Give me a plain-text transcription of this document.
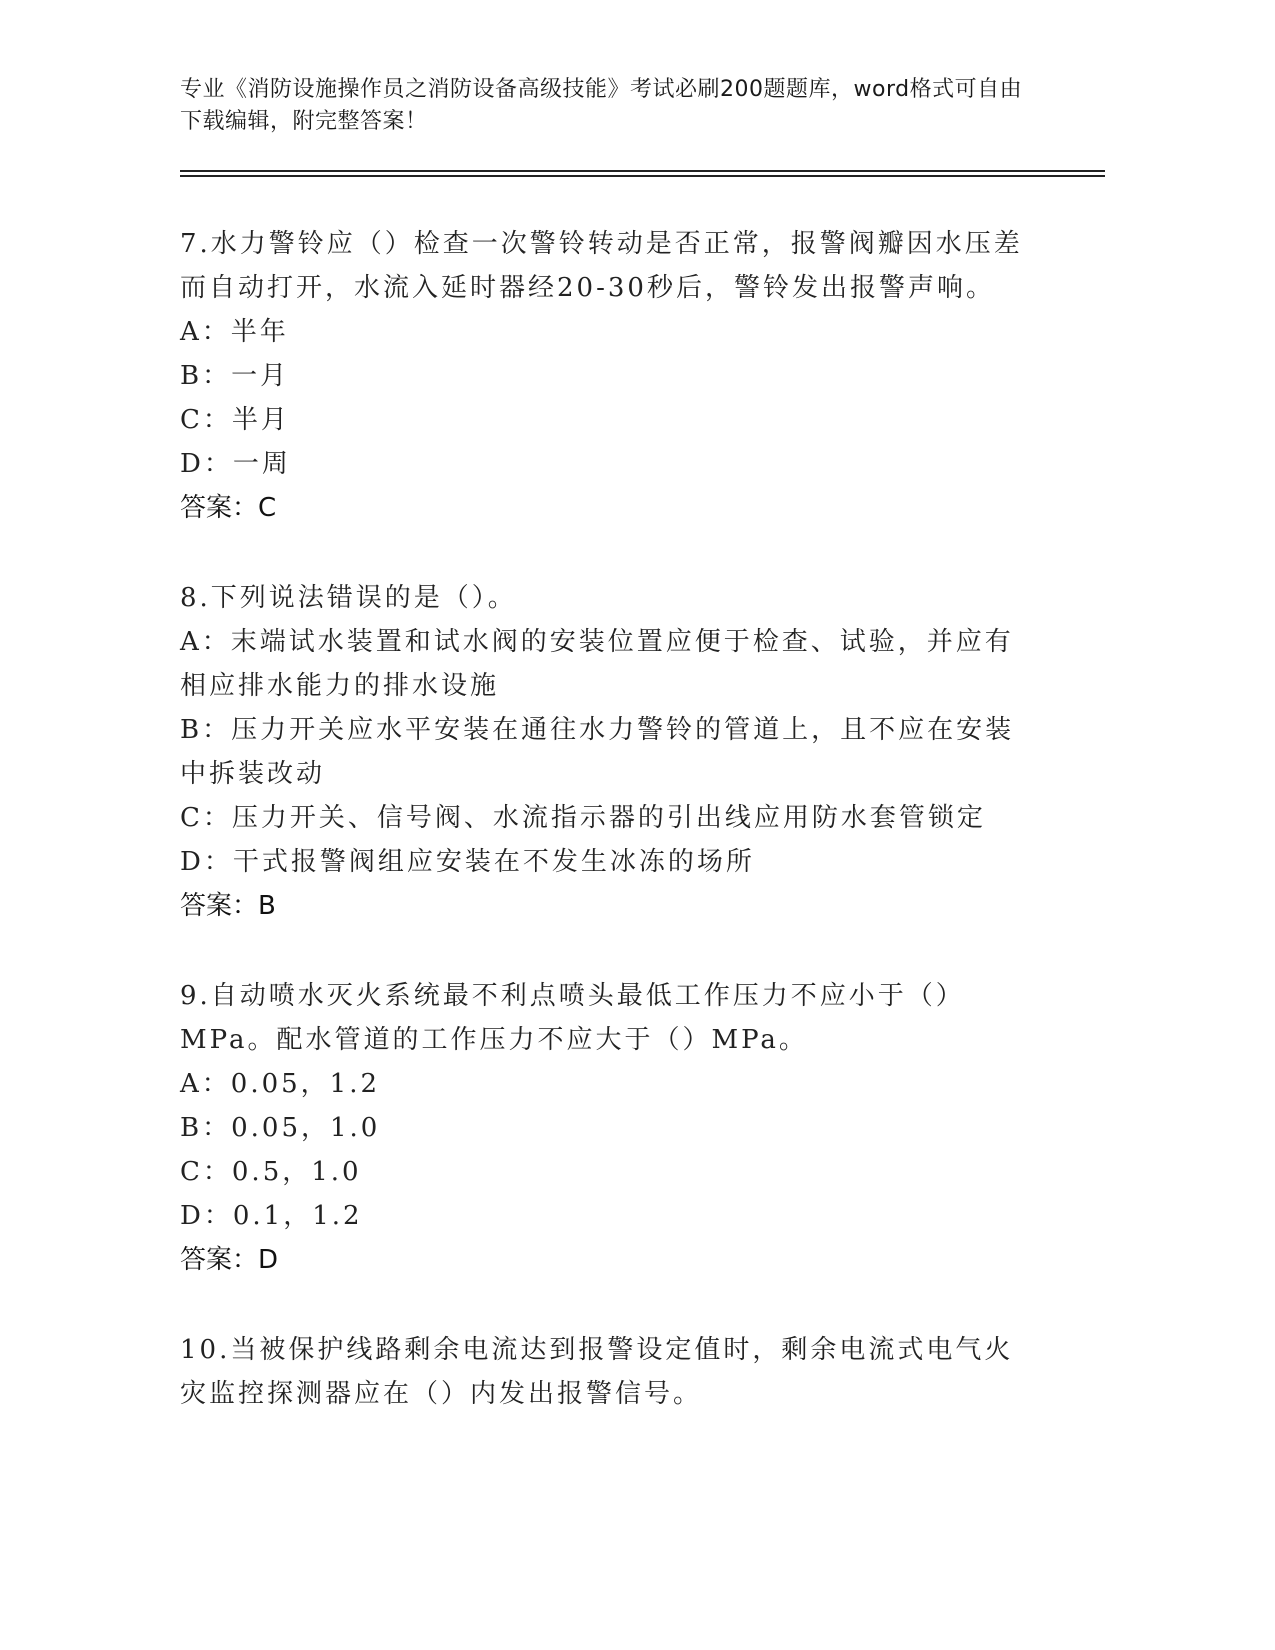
专业《消防设施操作员之消防设备高级技能》考试必刷200题题库，word格式可自由下载编辑，附完整答案！
7.水力警铃应（）检查一次警铃转动是否正常，报警阀瓣因水压差而自动打开，水流入延时器经20-30秒后，警铃发出报警声响。
A：半年
B：一月
C：半月
D：一周
答案：C
8.下列说法错误的是（）。
A：末端试水装置和试水阀的安装位置应便于检查、试验，并应有相应排水能力的排水设施
B：压力开关应水平安装在通往水力警铃的管道上，且不应在安装中拆装改动
C：压力开关、信号阀、水流指示器的引出线应用防水套管锁定
D：干式报警阀组应安装在不发生冰冻的场所
答案：B
9.自动喷水灭火系统最不利点喷头最低工作压力不应小于（）MPa。配水管道的工作压力不应大于（）MPa。
A：0.05，1.2
B：0.05，1.0
C：0.5，1.0
D：0.1，1.2
答案：D
10.当被保护线路剩余电流达到报警设定值时，剩余电流式电气火灾监控探测器应在（）内发出报警信号。
